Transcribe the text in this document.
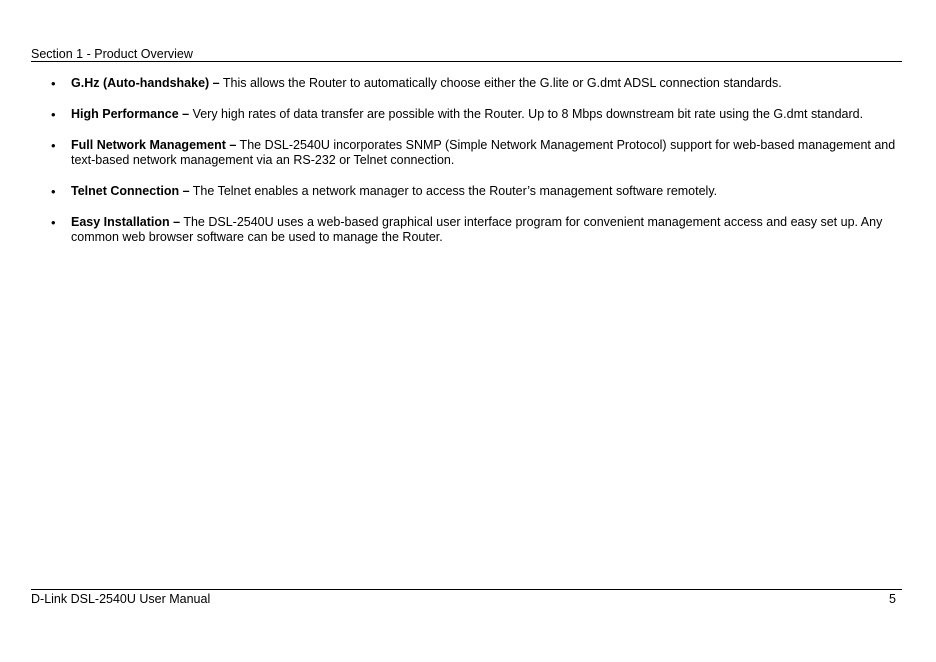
Section 1 - Product Overview
• G.Hz (Auto-handshake) – This allows the Router to automatically choose either the G.lite or G.dmt ADSL connection standards.
• High Performance – Very high rates of data transfer are possible with the Router. Up to 8 Mbps downstream bit rate using the G.dmt standard.
• Full Network Management – The DSL-2540U incorporates SNMP (Simple Network Management Protocol) support for web-based management and text-based network management via an RS-232 or Telnet connection.
• Telnet Connection – The Telnet enables a network manager to access the Router’s management software remotely.
• Easy Installation – The DSL-2540U uses a web-based graphical user interface program for convenient management access and easy set up. Any common web browser software can be used to manage the Router.
D-Link DSL-2540U User Manual	5
